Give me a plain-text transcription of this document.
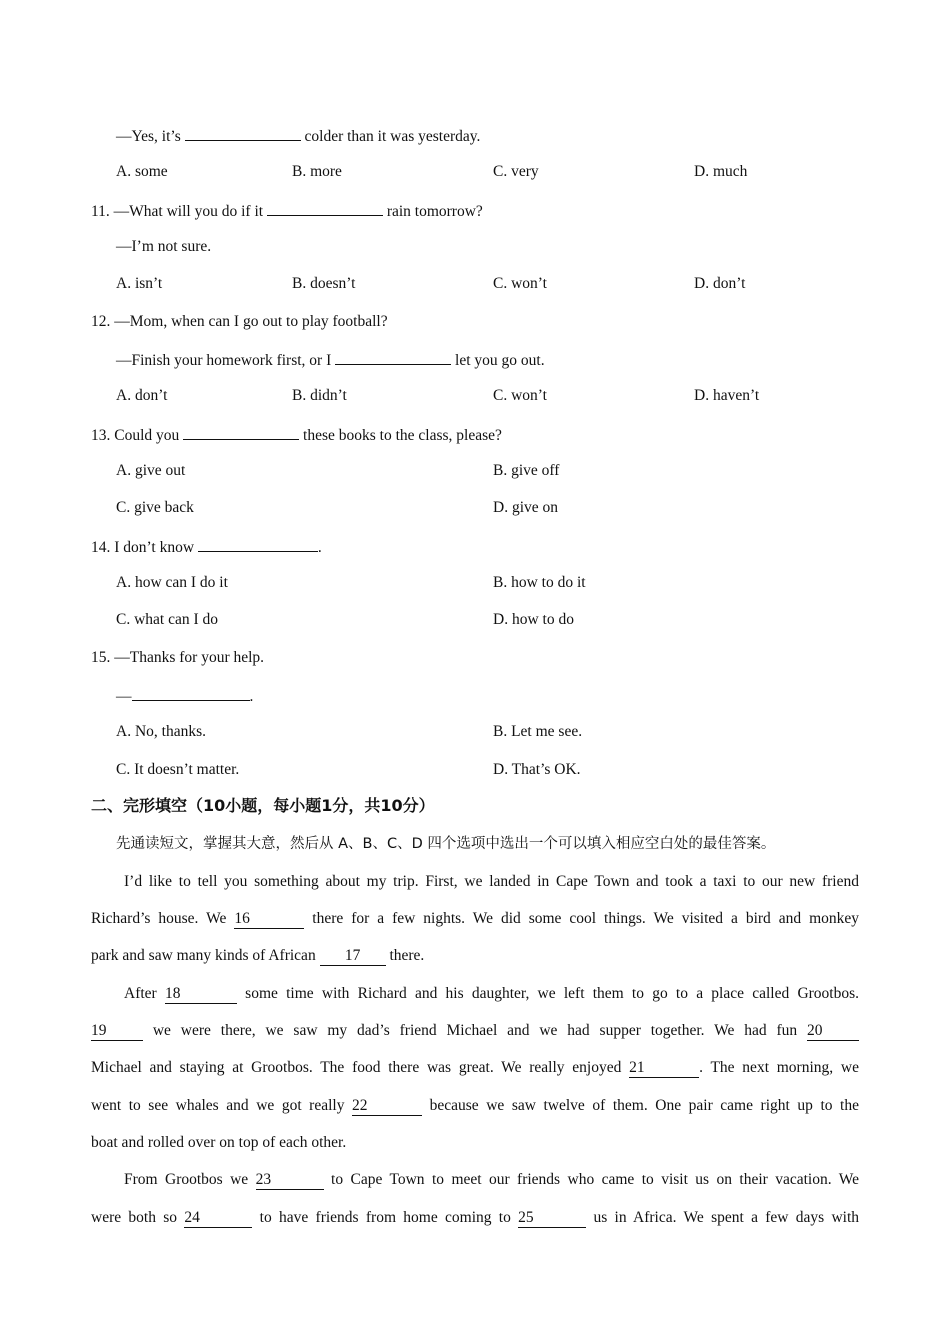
—Yes, it’s	colder than it was yesterday.
A. some	B. more	C. very	D. much
11. —What will you do if it	rain tomorrow?
—I’m not sure.
A. isn’t	B. doesn’t	C. won’t	D. don’t
12. —Mom, when can I go out to play football?
—Finish your homework first, or I	let you go out.
A. don’t	B. didn’t	C. won’t	D. haven’t
13. Could you	these books to the class, please?
A. give out	B. give off
C. give back	D. give on
14. I don’t know	.
A. how can I do it	B. how to do it
C. what can I do	D. how to do
15. —Thanks for your help.
—	.
A. No, thanks.	B. Let me see.
C. It doesn’t matter.	D. That’s OK.
二、完形填空（10小题，每小题1分，共10分）
先通读短文，掌握其大意，然后从 A、B、C、D 四个选项中选出一个可以填入相应空白处的最佳答案。
I’d like to tell you something about my trip. First, we landed in Cape Town and took a taxi to our new friend
Richard’s house. We 16	there for a few nights. We did some cool things. We visited a bird and monkey
park and saw many kinds of African 17 there.
After 18	some time with Richard and his daughter, we left them to go to a place called Grootbos.
19	we were there, we saw my dad’s friend Michael and we had supper together. We had fun 20
Michael and staying at Grootbos. The food there was great. We really enjoyed 21	. The next morning, we
went to see whales and we got really 22	because we saw twelve of them. One pair came right up to the
boat and rolled over on top of each other.
From Grootbos we 23	to Cape Town to meet our friends who came to visit us on their vacation. We
were both so 24	to have friends from home coming to 25	us in Africa. We spent a few days with
